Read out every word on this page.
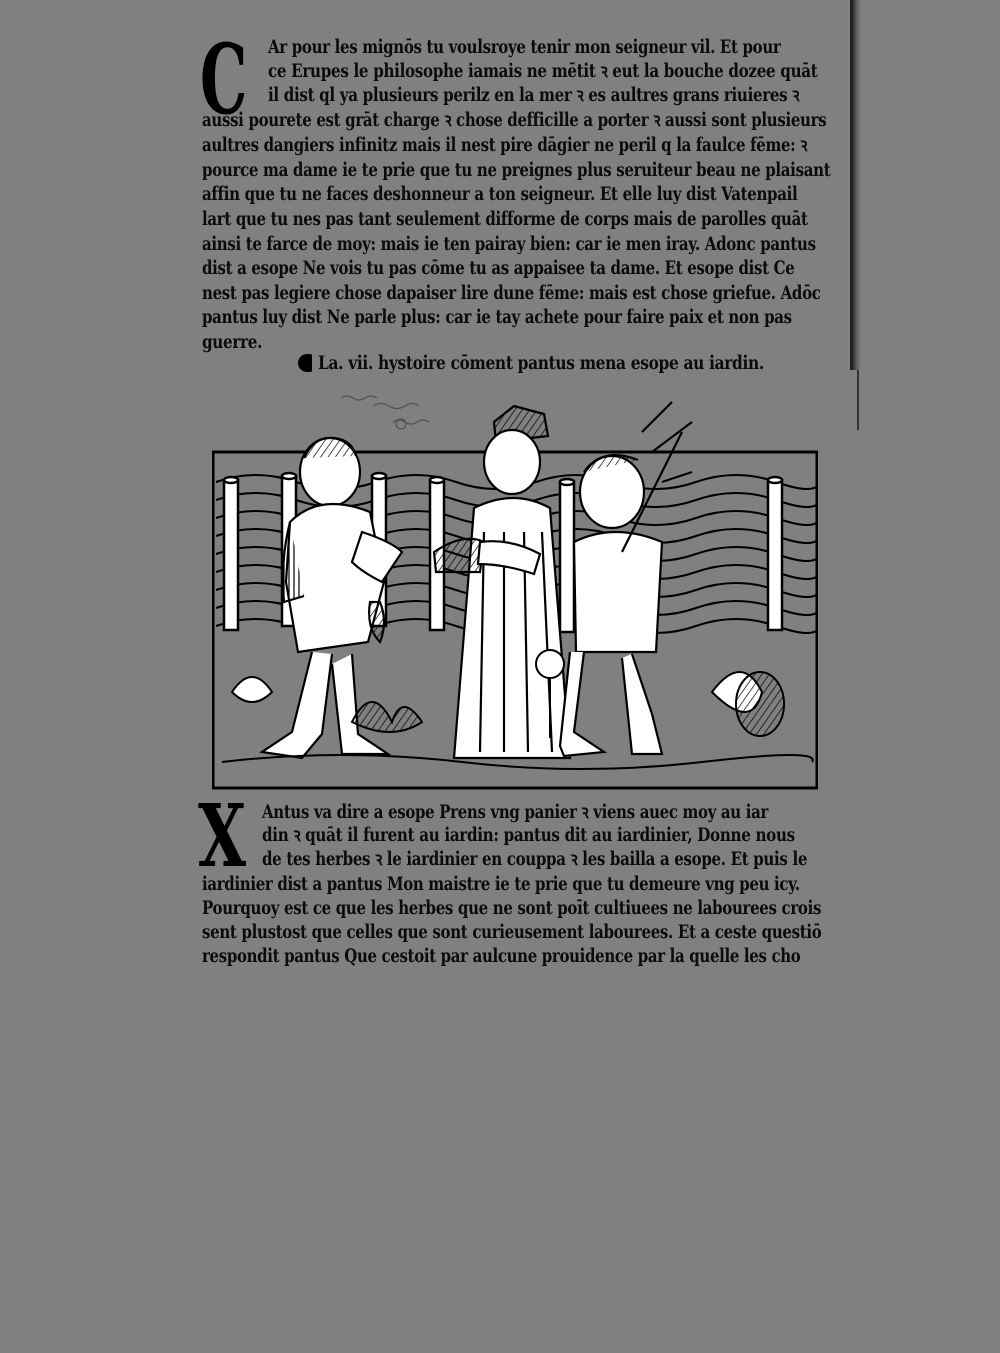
C Ar pour les mignōs tu voulsroye tenir mon seigneur vil. Et pour
ce Erupes le philosophe iamais ne mētit ꝛ eut la bouche dozee quāt
il dist ql ya plusieurs perilz en la mer ꝛ es aultres grans riuieres ꝛ
aussi pourete est grāt charge ꝛ chose defficille a porter ꝛ aussi sont plusieurs
aultres dangiers infinitz mais il nest pire dāgier ne peril q la faulce fēme: ꝛ
pource ma dame ie te prie que tu ne preignes plus seruiteur beau ne plaisant
affin que tu ne faces deshonneur a ton seigneur. Et elle luy dist Vatenpail
lart que tu nes pas tant seulement difforme de corps mais de parolles quāt
ainsi te farce de moy: mais ie ten pairay bien: car ie men iray. Adonc pantus
dist a esope Ne vois tu pas cōme tu as appaisee ta dame. Et esope dist Ce
nest pas legiere chose dapaiser lire dune fēme: mais est chose griefue. Adōc
pantus luy dist Ne parle plus: car ie tay achete pour faire paix et non pas
guerre.
La. vii. hystoire cōment pantus mena esope au iardin.
X Antus va dire a esope Prens vng panier ꝛ viens auec moy au iar
din ꝛ quāt il furent au iardin: pantus dit au iardinier, Donne nous
de tes herbes ꝛ le iardinier en couppa ꝛ les bailla a esope. Et puis le
iardinier dist a pantus Mon maistre ie te prie que tu demeure vng peu icy.
Pourquoy est ce que les herbes que ne sont poīt cultiuees ne labourees crois
sent plustost que celles que sont curieusement labourees. Et a ceste questiō
respondit pantus Que cestoit par aulcune prouidence par la quelle les cho
